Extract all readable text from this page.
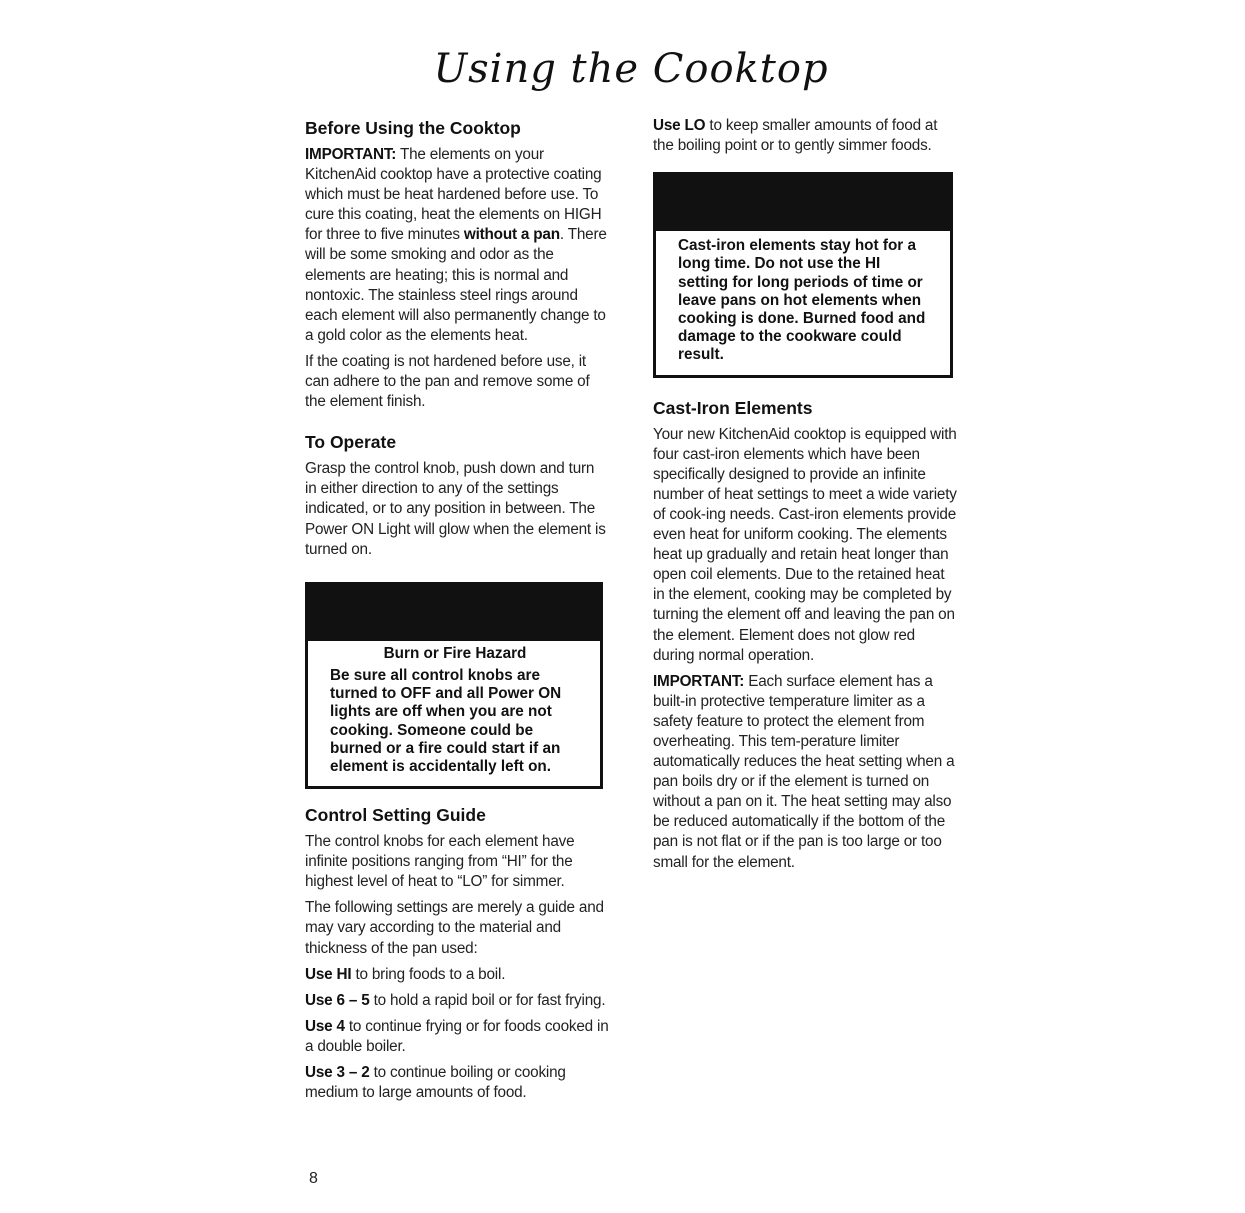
Using the Cooktop
Before Using the Cooktop

IMPORTANT: The elements on your KitchenAid cooktop have a protective coating which must be heat hardened before use. To cure this coating, heat the elements on HIGH for three to five minutes without a pan. There will be some smoking and odor as the elements are heating; this is normal and nontoxic. The stainless steel rings around each element will also permanently change to a gold color as the elements heat.

If the coating is not hardened before use, it can adhere to the pan and remove some of the element finish.

To Operate

Grasp the control knob, push down and turn in either direction to any of the settings indicated, or to any position in between. The Power ON Light will glow when the element is turned on.

Burn or Fire Hazard
Be sure all control knobs are turned to OFF and all Power ON lights are off when you are not cooking. Someone could be burned or a fire could start if an element is accidentally left on.
Control Setting Guide

The control knobs for each element have infinite positions ranging from “HI” for the highest level of heat to “LO” for simmer.

The following settings are merely a guide and may vary according to the material and thickness of the pan used:

Use HI to bring foods to a boil.

Use 6 – 5 to hold a rapid boil or for fast frying.

Use 4 to continue frying or for foods cooked in a double boiler.

Use 3 – 2 to continue boiling or cooking medium to large amounts of food.

Use LO to keep smaller amounts of food at the boiling point or to gently simmer foods.

Cast-iron elements stay hot for a long time. Do not use the HI setting for long periods of time or leave pans on hot elements when cooking is done. Burned food and damage to the cookware could result.
Cast-Iron Elements

Your new KitchenAid cooktop is equipped with four cast-iron elements which have been specifically designed to provide an infinite number of heat settings to meet a wide variety of cook-ing needs. Cast-iron elements provide even heat for uniform cooking. The elements heat up gradually and retain heat longer than open coil elements. Due to the retained heat in the element, cooking may be completed by turning the element off and leaving the pan on the element. Element does not glow red during normal operation.

IMPORTANT: Each surface element has a built-in protective temperature limiter as a safety feature to protect the element from overheating. This tem-perature limiter automatically reduces the heat setting when a pan boils dry or if the element is turned on without a pan on it. The heat setting may also be reduced automatically if the bottom of the pan is not flat or if the pan is too large or too small for the element.

8
